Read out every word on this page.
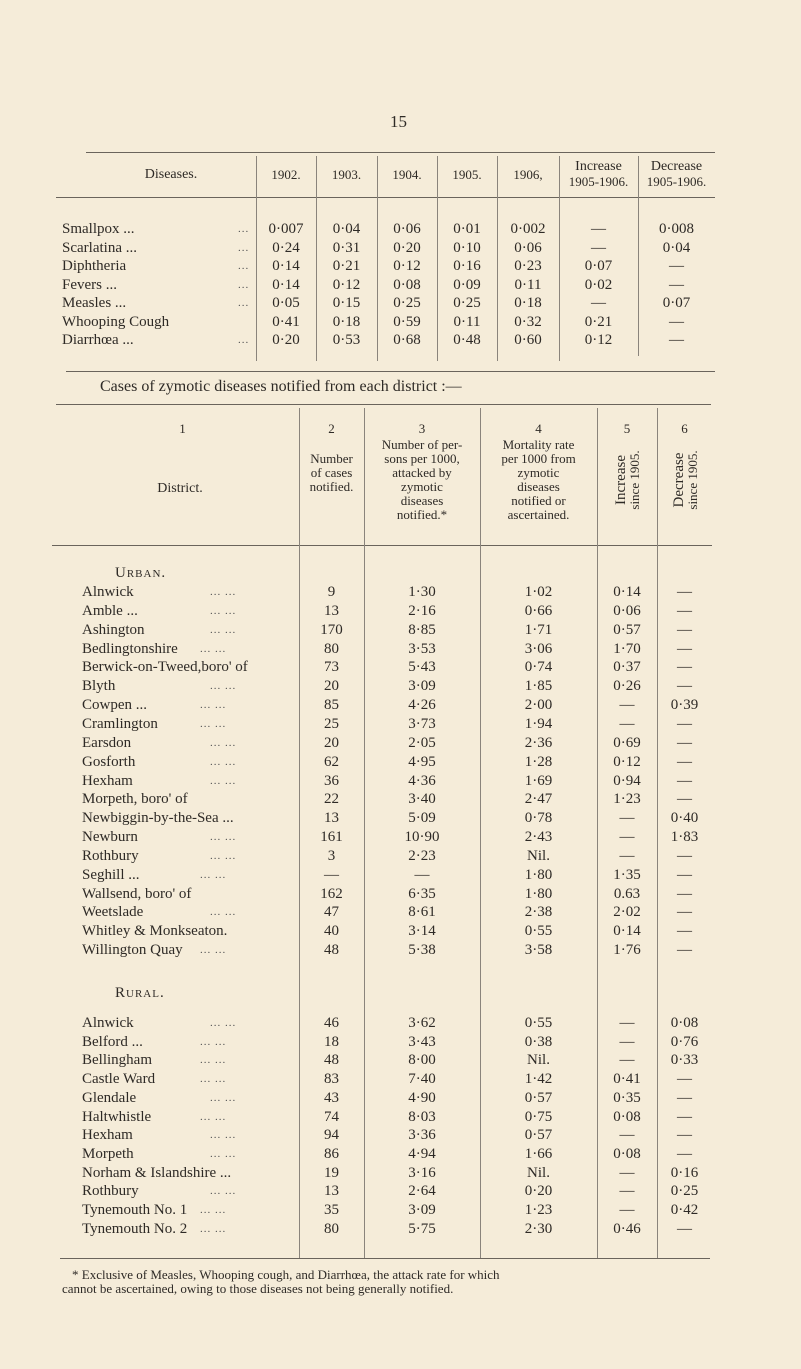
15
Diseases.	1902. 1903. 1904. 1905. 1906,
Increase
1905-1906.
Decrease
1905-1906.
Smallpox ...	... 0·007 0·04 0·06 0·01 0·002	—	0·008
Scarlatina ...	... 0·24 0·31 0·20 0·10 0·06	—	0·04
Diphtheria	... 0·14 0·21 0·12 0·16 0·23	0·07	—
Fevers ...	... 0·14 0·12 0·08 0·09 0·11	0·02	—
Measles ...	... 0·05 0·15 0·25 0·25 0·18	—	0·07
Whooping Cough	0·41 0·18 0·59 0·11 0·32	0·21	—
Diarrhœa ...	... 0·20 0·53 0·68 0·48 0·60	0·12	—
Cases of zymotic diseases notified from each district :—
1	2	3	4	5	6
District.
Number
of cases
notified.
Number of per-
sons per 1000,
attacked by
zymotic
diseases
notified.*
Mortality rate
per 1000 from
zymotic
diseases
notified or
ascertained.
Increase
since 1905. Decrease
since 1905.
Urban.
Alnwick	... ...	9	1·30	1·02	0·14 —
Amble ...	... ...	13	2·16	0·66	0·06 —
Ashington	... ...	170	8·85	1·71	0·57 —
Bedlingtonshire ... ...	80	3·53	3·06	1·70 —
Berwick-on-Tweed,boro' of	73	5·43	0·74	0·37 —
Blyth	... ...	20	3·09	1·85	0·26 —
Cowpen ...	... ...	85	4·26	2·00	— 0·39
Cramlington	... ...	25	3·73	1·94	—	—
Earsdon	... ...	20	2·05	2·36	0·69 —
Gosforth	... ...	62	4·95	1·28	0·12 —
Hexham	... ...	36	4·36	1·69	0·94 —
Morpeth, boro' of	22	3·40	2·47	1·23 —
Newbiggin-by-the-Sea ...	13	5·09	0·78	— 0·40
Newburn	... ...	161	10·90	2·43	— 1·83
Rothbury	... ...	3	2·23	Nil.	—	—
Seghill ...	... ...	—	—	1·80	1·35 —
Wallsend, boro' of	162	6·35	1·80	0.63 —
Weetslade	... ...	47	8·61	2·38	2·02 —
Whitley & Monkseaton.	40	3·14	0·55	0·14 —
Willington Quay ... ...	48	5·38	3·58	1·76 —
Rural.
Alnwick	... ...	46	3·62	0·55	— 0·08
Belford ...	... ...	18	3·43	0·38	— 0·76
Bellingham	... ...	48	8·00	Nil.	— 0·33
Castle Ward	... ...	83	7·40	1·42	0·41 —
Glendale	... ...	43	4·90	0·57	0·35 —
Haltwhistle	... ...	74	8·03	0·75	0·08 —
Hexham	... ...	94	3·36	0·57	—	—
Morpeth	... ...	86	4·94	1·66	0·08 —
Norham & Islandshire ...	19	3·16	Nil.	— 0·16
Rothbury	... ...	13	2·64	0·20	— 0·25
Tynemouth No. 1 ... ...	35	3·09	1·23	— 0·42
Tynemouth No. 2 ... ...	80	5·75	2·30	0·46 —
* Exclusive of Measles, Whooping cough, and Diarrhœa, the attack rate for which
cannot be ascertained, owing to those diseases not being generally notified.
